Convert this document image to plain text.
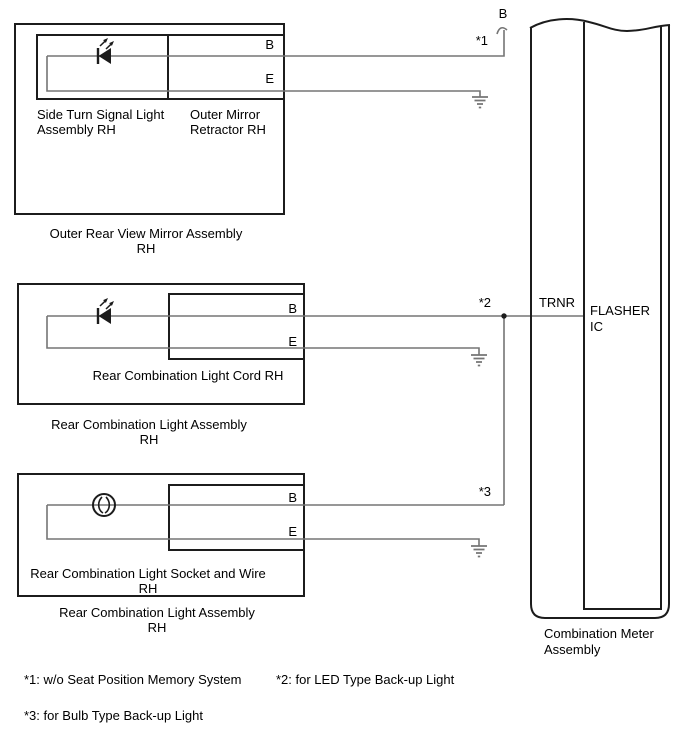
Side Turn Signal Light Assembly RH
Outer Mirror Retractor RH
B
E
Outer Rear View Mirror Assembly RH
Rear Combination Light Cord RH
B
E
Rear Combination Light Assembly RH
Rear Combination Light Socket and Wire RH
B
E
Rear Combination Light Assembly RH
TRNR
FLASHER IC
Combination Meter Assembly
B
*1
*2
*3
*1: w/o Seat Position Memory System	*2: for LED Type Back-up Light
*3: for Bulb Type Back-up Light
